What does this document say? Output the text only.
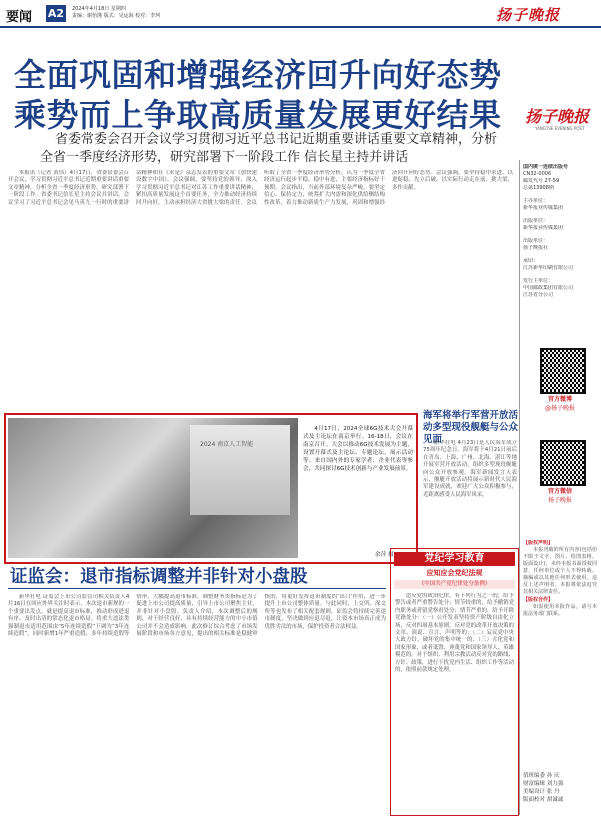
要闻 A2	2024年4月18日 星期四
责编：谢怡瑾 版式：吴运海 校对：李珂	扬子晚报
全面巩固和增强经济回升向好态势
乘势而上争取高质量发展更好结果
省委常委会召开会议学习贯彻习近平总书记近期重要讲话重要文章精神，分析
全省一季度经济形势，研究部署下一阶段工作 信长星主持并讲话

本报讯（记者 黄伟）4月17日，省委常委会召开会议，学习贯彻习近平总书记近期重要讲话重要文章精神，分析全省一季度经济形势，研究部署下一阶段工作。省委书记信长星主持会议并讲话。会议学习了习近平总书记会见马英九一行时的重要讲话精神和在《求是》杂志发表的重要文章《加快建设数字中国》。会议强调，要坚持党的领导，深入学习贯彻习近平总书记对江苏工作重要讲话精神，紧扣高质量发展这个首要任务，全力推动经济持续回升向好，主动承担经济大省挑大梁的责任。会议听取了全省一季度经济形势分析，认为一季度全省经济运行起步平稳、稳中有进，主要经济指标好于预期。会议指出，当前外部环境复杂严峻，要坚定信心、保持定力，统筹扩大内需和深化供给侧结构性改革，着力推动新质生产力发展，巩固和增强经济回升向好态势。会议强调，要坚持稳中求进、以进促稳、先立后破，以实际行动走在前、挑大梁、多作贡献。

扬子晚报
YANGTSE EVENING POST
国内统一连续出版号
CN32-0006
邮发代号 27-59
总第13908期
主办单位：
新华报业传媒集团
出版单位：
新华报业传媒集团
出版单位：
扬子晚报社
承印：
江苏新华印刷有限公司
发行主单位：
中国邮政集团有限公司
江苏省分公司
官方微博
@扬子晚报
官方微信
扬子晚报
【版权声明】

本报刊载的所有内容(包括但不限于文字、图片、绘图表格、版面设计)，未经本报书面授权同意，任何单位或个人不得转载、摘编或以其他任何形式使用。违反上述声明者，本报将依法追究其相关法律责任。

【版权合作】

如需使用本报作品，请与本报法务部门联系。

值班编委 孙 庆
财富编辑 刘力强
美编设计 张 丹
版面校对 胡诚诚
2024 南京人工智能
4月17日，2024全球6G技术大会开幕式及主论坛在南京举行。16-18日，会议在南京召开。大会以推动6G技术发展为主题，设置开幕式及主论坛、专题论坛、展示活动等。来自国内外的专家学者、企业代表等参会，共同探讨6G技术创新与产业发展前景。
余萍 摄
海军将举行军营开放活动多型现役舰艇与公众见面

新华社电 4月23日是人民海军成立75周年纪念日。海军将于4月21日前后在青岛、上海、广州、北海、湛江等地开展军营开放活动，组织多型现役舰艇向公众开放参观。海军新闻发言人表示，舰艇开放活动将展示新时代人民海军建设成就，欢迎广大公众积极参与，近距离感受人民海军风采。

党纪学习教育
应知应会党纪法规
《中国共产党纪律处分条例》

违反党的政治纪律，有下列行为之一的，给予警告或者严重警告处分；情节较重的，给予撤销党内职务或者留党察看处分；情节严重的，给予开除党籍处分：（一）公开发表坚持资产阶级自由化立场，反对四项基本原则，反对党的改革开放决策的文章、演说、宣言、声明等的；（二）妄议党中央大政方针，破坏党的集中统一的；（三）丑化党和国家形象，或者诋毁、诬蔑党和国家领导人、英雄模范的。对于组织、利用宗教活动反对党的路线、方针、政策，进行干扰党内生活、组织工作等活动的，依照前款规定处理。

证监会：退市指标调整并非针对小盘股

新华社电 证监会上市公司监管司相关负责人4月16日在回应外界关注时表示，本次退市新规的一个重要出发点，就是提高退市标准，推动形成进退有序、及时出清的常态化退市格局。将重大违法类强制退市适用范围由“5年连续造假”下调为“3年连续造假”，同时新增1年严重造假、多年持续造假等情形，大幅提高退市标准。调整财务类指标是为了促进上市公司提高质量，引导上市公司聚焦主业，并非针对小盘股。负责人介绍，本次调整后的规则，对于经营良好、具有持续经营能力的中小市值公司并不会造成影响。此次修订综合考虑了市场发展阶段和市场各方意见，提出的相关标准是稳健审慎的，将更好发挥退市制度的‘出口’作用，进一步提升上市公司整体质量。与此同时，上交所、深交所等也发布了相关配套规则。证监会将持续完善退市制度，坚决做到应退尽退，让资本市场真正成为优胜劣汰的市场，保护投资者合法权益。
